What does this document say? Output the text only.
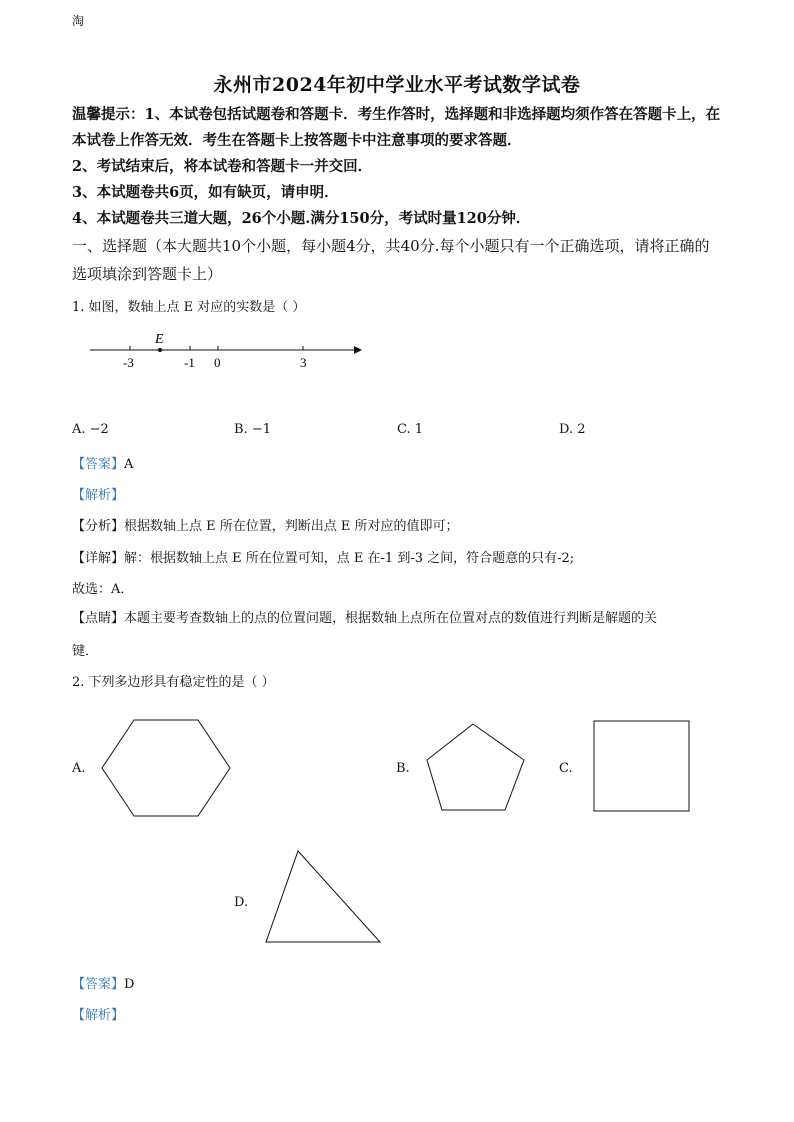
淘
永州市2024年初中学业水平考试数学试卷
温馨提示：1、本试卷包括试题卷和答题卡．考生作答时，选择题和非选择题均须作答在答题卡上，在本试卷上作答无效．考生在答题卡上按答题卡中注意事项的要求答题．
2、考试结束后，将本试卷和答题卡一并交回．
3、本试题卷共6页，如有缺页，请申明．
4、本试题卷共三道大题，26个小题.满分150分，考试时量120分钟．
一、选择题（本大题共10个小题，每小题4分，共40分.每个小题只有一个正确选项，请将正确的选项填涂到答题卡上）
1. 如图，数轴上点 E 对应的实数是（ ）
E
-3	-1 0	3
A. −2	B. −1	C. 1	D. 2
【答案】A
【解析】
【分析】根据数轴上点 E 所在位置，判断出点 E 所对应的值即可；
【详解】解：根据数轴上点 E 所在位置可知，点 E 在-1 到-3 之间，符合题意的只有-2;
故选：A．
【点睛】本题主要考查数轴上的点的位置问题，根据数轴上点所在位置对点的数值进行判断是解题的关
键．
2. 下列多边形具有稳定性的是（ ）
A.	B.	C.
D.
【答案】D
【解析】
